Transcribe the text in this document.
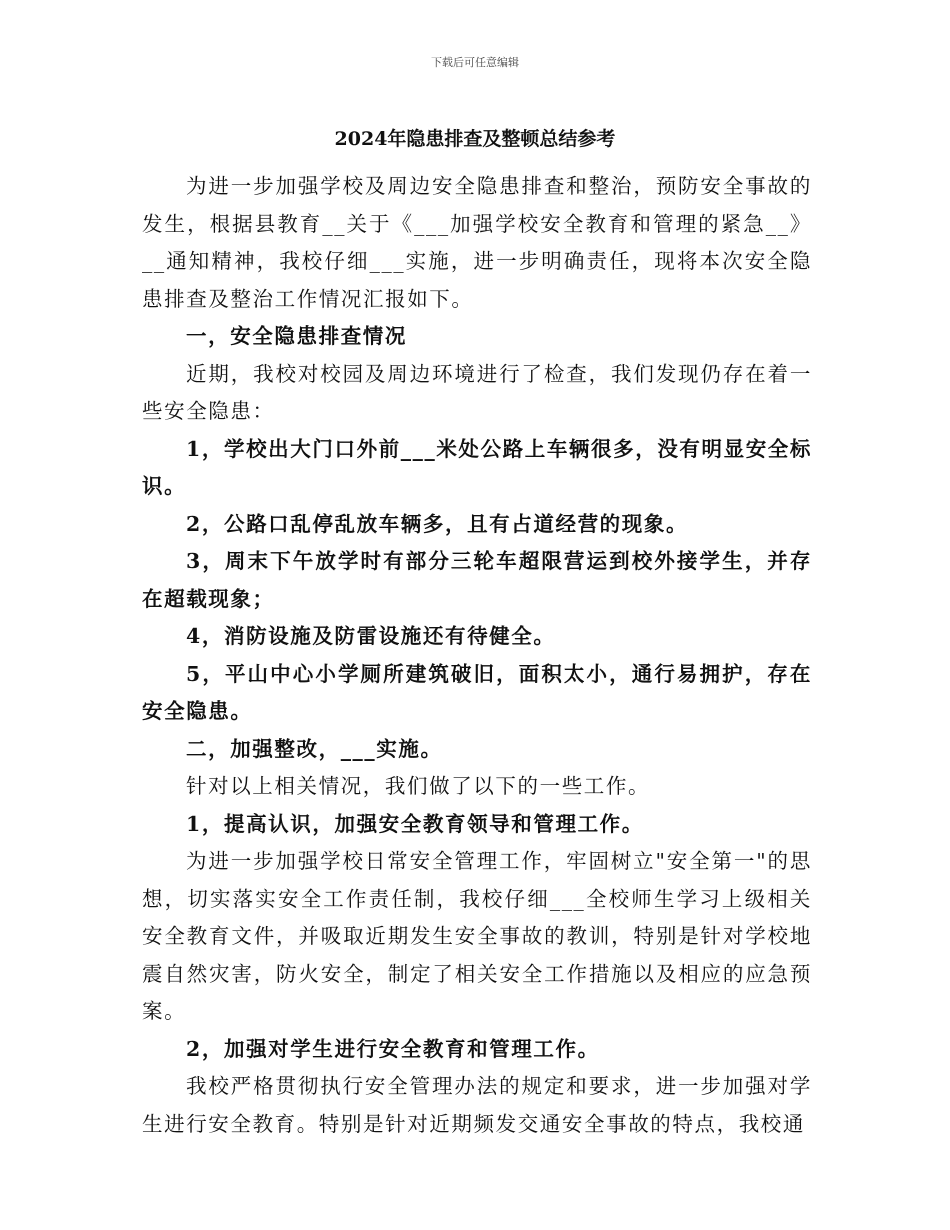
下载后可任意编辑
2024年隐患排查及整顿总结参考

为进一步加强学校及周边安全隐患排查和整治，预防安全事故的发生，根据县教育__关于《___加强学校安全教育和管理的紧急__》__通知精神，我校仔细___实施，进一步明确责任，现将本次安全隐患排查及整治工作情况汇报如下。

一，安全隐患排查情况

近期，我校对校园及周边环境进行了检查，我们发现仍存在着一些安全隐患：

1，学校出大门口外前___米处公路上车辆很多，没有明显安全标识。

2，公路口乱停乱放车辆多，且有占道经营的现象。

3，周末下午放学时有部分三轮车超限营运到校外接学生，并存在超载现象；

4，消防设施及防雷设施还有待健全。

5，平山中心小学厕所建筑破旧，面积太小，通行易拥护，存在安全隐患。

二，加强整改，___实施。

针对以上相关情况，我们做了以下的一些工作。

1，提高认识，加强安全教育领导和管理工作。

为进一步加强学校日常安全管理工作，牢固树立"安全第一"的思想，切实落实安全工作责任制，我校仔细___全校师生学习上级相关安全教育文件，并吸取近期发生安全事故的教训，特别是针对学校地震自然灾害，防火安全，制定了相关安全工作措施以及相应的应急预案。

2，加强对学生进行安全教育和管理工作。

我校严格贯彻执行安全管理办法的规定和要求，进一步加强对学生进行安全教育。特别是针对近期频发交通安全事故的特点，我校通
